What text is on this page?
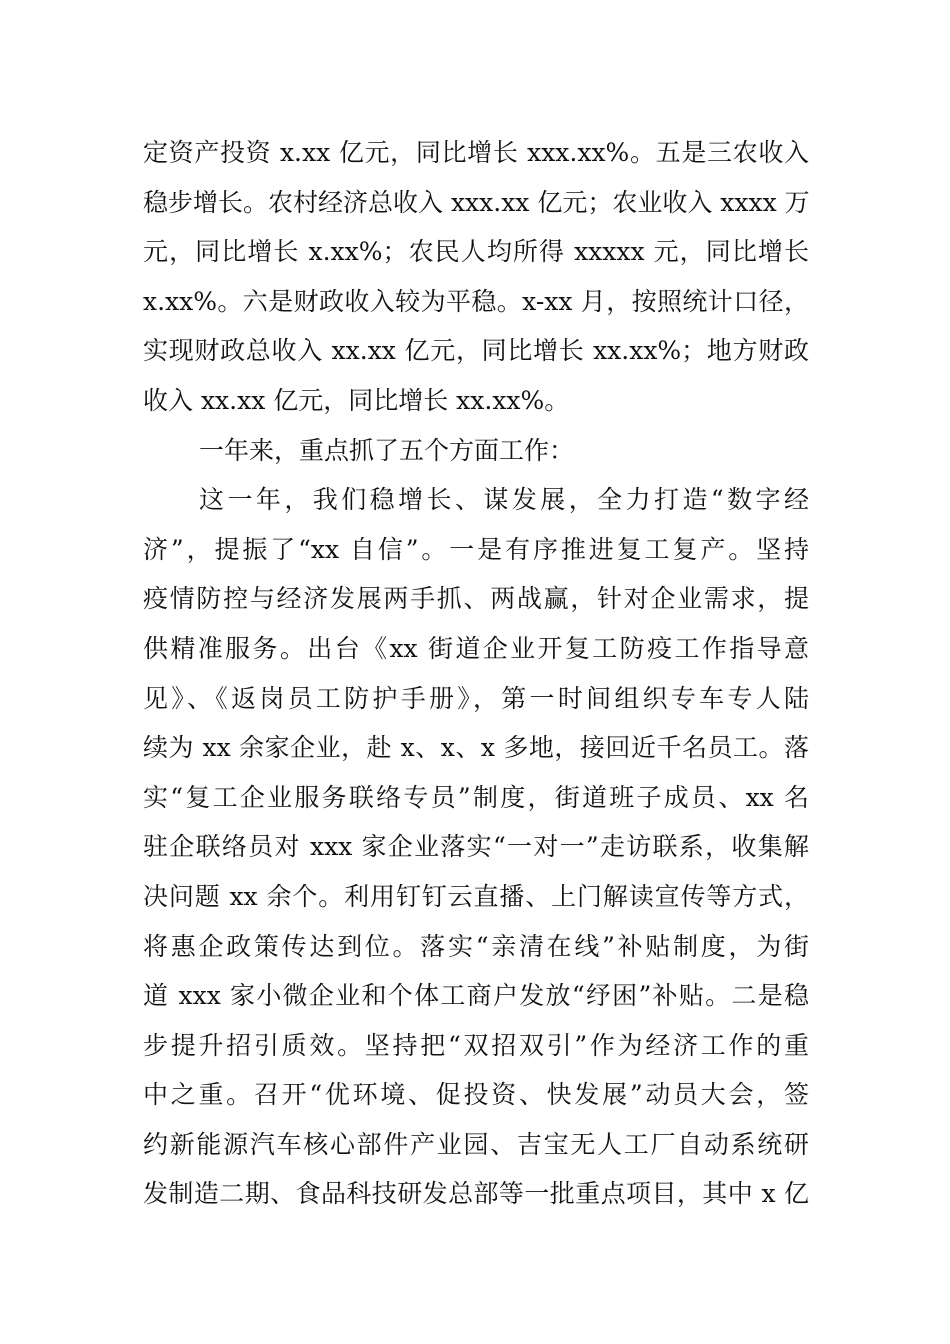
定资产投资 x.xx 亿元，同比增长 xxx.xx%。五是三农收入
稳步增长。农村经济总收入 xxx.xx 亿元；农业收入 xxxx 万
元，同比增长 x.xx%；农民人均所得 xxxxx 元，同比增长
x.xx%。六是财政收入较为平稳。x-xx 月，按照统计口径，
实现财政总收入 xx.xx 亿元，同比增长 xx.xx%；地方财政
收入 xx.xx 亿元，同比增长 xx.xx%。
一年来，重点抓了五个方面工作：
这一年，我们稳增长、谋发展，全力打造“数字经
济”，提振了“xx 自信”。一是有序推进复工复产。坚持
疫情防控与经济发展两手抓、两战赢，针对企业需求，提
供精准服务。出台《xx 街道企业开复工防疫工作指导意
见》、《返岗员工防护手册》，第一时间组织专车专人陆
续为 xx 余家企业，赴 x、x、x 多地，接回近千名员工。落
实“复工企业服务联络专员”制度，街道班子成员、xx 名
驻企联络员对 xxx 家企业落实“一对一”走访联系，收集解
决问题 xx 余个。利用钉钉云直播、上门解读宣传等方式，
将惠企政策传达到位。落实“亲清在线”补贴制度，为街
道 xxx 家小微企业和个体工商户发放“纾困”补贴。二是稳
步提升招引质效。坚持把“双招双引”作为经济工作的重
中之重。召开“优环境、促投资、快发展”动员大会，签
约新能源汽车核心部件产业园、吉宝无人工厂自动系统研
发制造二期、食品科技研发总部等一批重点项目，其中 x 亿
